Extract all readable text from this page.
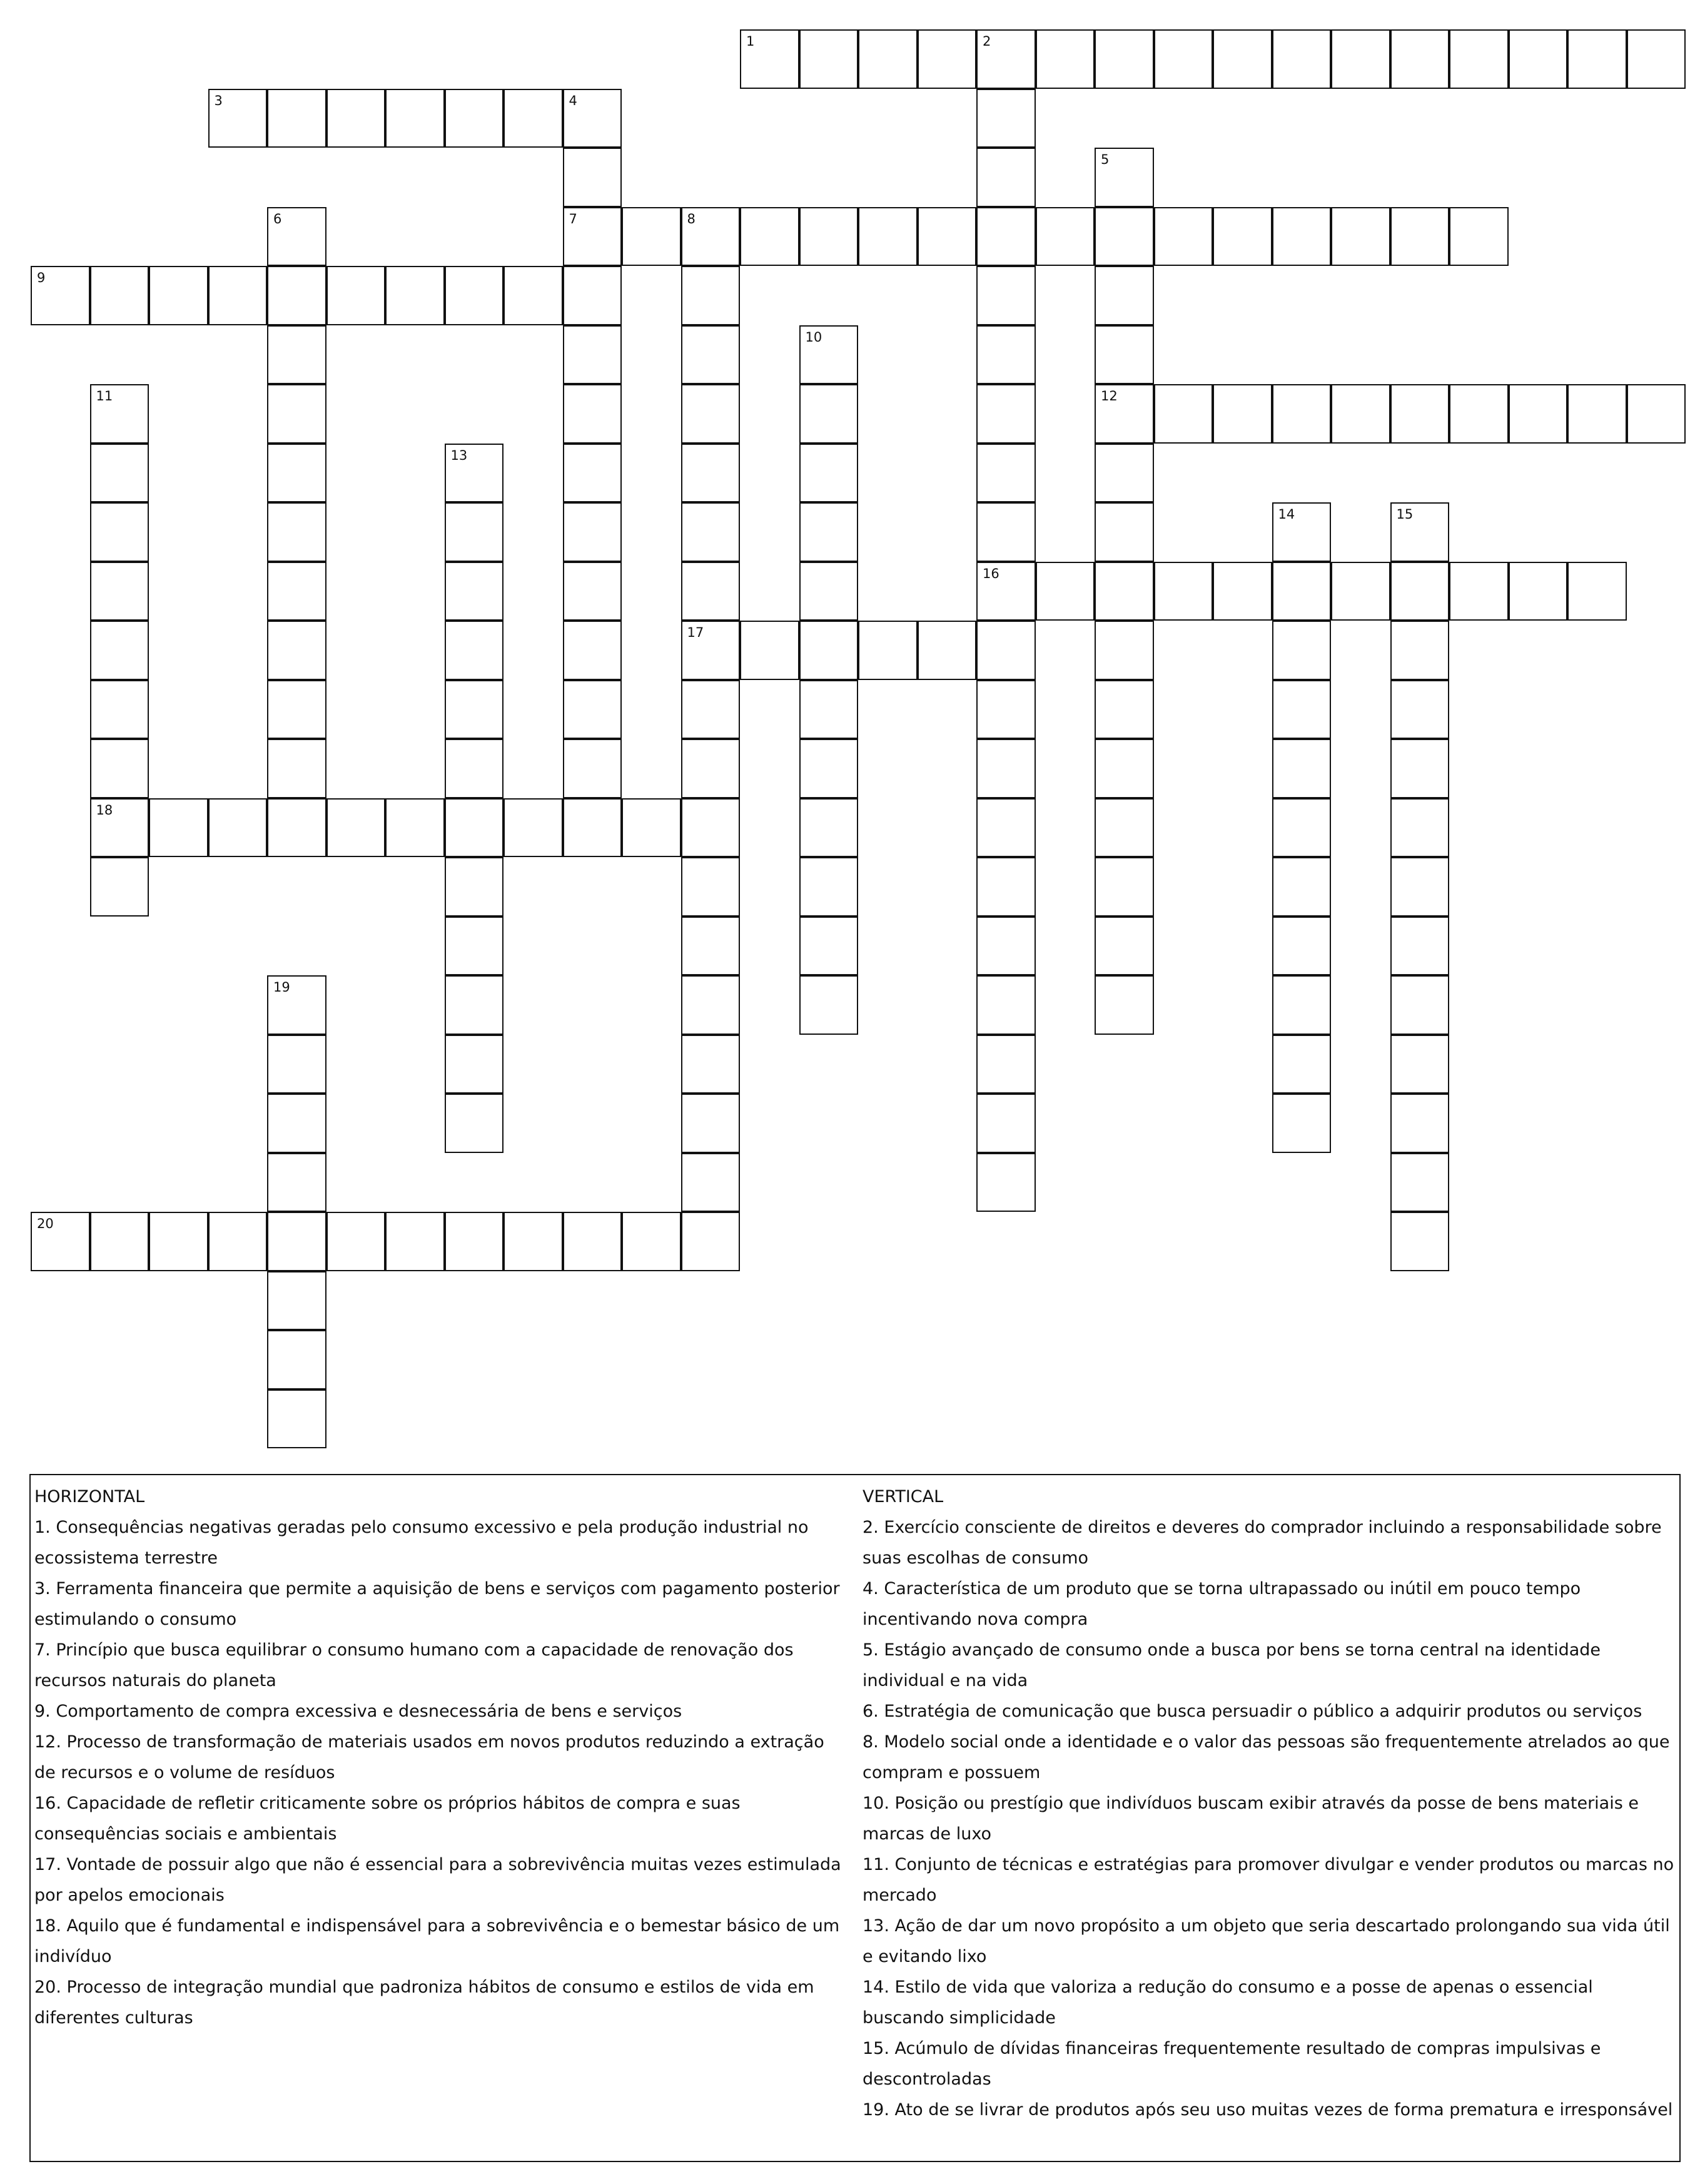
1	2
16
3	4
7
5
12
6	8
17
9
10
11
18
13
14	15
19
20

HORIZONTAL

1. Consequências negativas geradas pelo consumo excessivo e pela produção industrial no ecossistema terrestre

3. Ferramenta financeira que permite a aquisição de bens e serviços com pagamento posterior estimulando o consumo

7. Princípio que busca equilibrar o consumo humano com a capacidade de renovação dos recursos naturais do planeta

9. Comportamento de compra excessiva e desnecessária de bens e serviços

12. Processo de transformação de materiais usados em novos produtos reduzindo a extração de recursos e o volume de resíduos

16. Capacidade de refletir criticamente sobre os próprios hábitos de compra e suas consequências sociais e ambientais

17. Vontade de possuir algo que não é essencial para a sobrevivência muitas vezes estimulada por apelos emocionais

18. Aquilo que é fundamental e indispensável para a sobrevivência e o bemestar básico de um indivíduo

20. Processo de integração mundial que padroniza hábitos de consumo e estilos de vida em diferentes culturas

VERTICAL

2. Exercício consciente de direitos e deveres do comprador incluindo a responsabilidade sobre suas escolhas de consumo

4. Característica de um produto que se torna ultrapassado ou inútil em pouco tempo incentivando nova compra

5. Estágio avançado de consumo onde a busca por bens se torna central na identidade individual e na vida

6. Estratégia de comunicação que busca persuadir o público a adquirir produtos ou serviços

8. Modelo social onde a identidade e o valor das pessoas são frequentemente atrelados ao que compram e possuem

10. Posição ou prestígio que indivíduos buscam exibir através da posse de bens materiais e marcas de luxo

11. Conjunto de técnicas e estratégias para promover divulgar e vender produtos ou marcas no mercado

13. Ação de dar um novo propósito a um objeto que seria descartado prolongando sua vida útil e evitando lixo

14. Estilo de vida que valoriza a redução do consumo e a posse de apenas o essencial buscando simplicidade

15. Acúmulo de dívidas financeiras frequentemente resultado de compras impulsivas e descontroladas

19. Ato de se livrar de produtos após seu uso muitas vezes de forma prematura e irresponsável
